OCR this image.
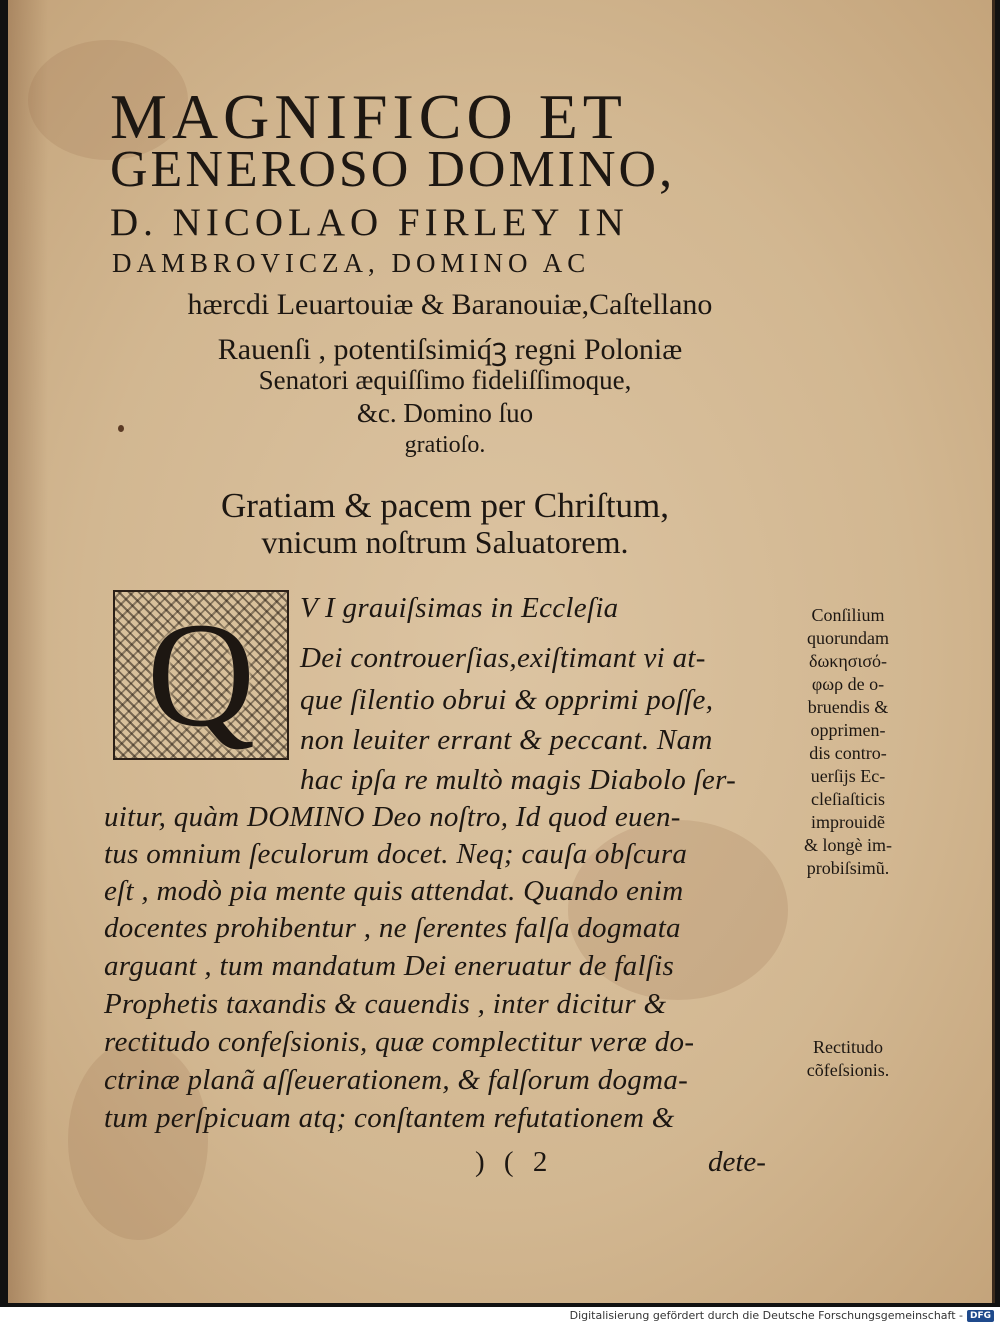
MAGNIFICO ET
GENEROSO DOMINO,
D. NICOLAO FIRLEY IN
DAMBROVICZA, DOMINO AC
hærcdi Leuartouiæ & Baranouiæ,Caſtellano
Rauenſi , potentiſsimiq́ꝫ regni Poloniæ
Senatori æquiſſimo fideliſſimoque,
&c. Domino ſuo
gratioſo.
Gratiam & pacem per Chriſtum,
vnicum noſtrum Saluatorem.
Q V I grauiſsimas in Eccleſia
Dei controuerſias,exiſtimant vi at-
que ſilentio obrui & opprimi poſſe,
non leuiter errant & peccant. Nam
hac ipſa re multò magis Diabolo ſer-
uitur, quàm DOMINO Deo noſtro, Id quod euen-
tus omnium ſeculorum docet. Neq; cauſa obſcura
eſt , modò pia mente quis attendat. Quando enim
docentes prohibentur , ne ſerentes falſa dogmata
arguant , tum mandatum Dei eneruatur de falſis
Prophetis taxandis & cauendis , inter dicitur &
rectitudo confeſsionis, quæ complectitur veræ do-
ctrinæ planã aſſeuerationem, & falſorum dogma-
tum perſpicuam atq; conſtantem refutationem &
Conſilium
quorundam
δωκησισό-
φωρ de o-
bruendis &
opprimen-
dis contro-
uerſijs Ec-
cleſiaſticis
improuidẽ
& longè im-
probiſsimũ.
Rectitudo
cõfeſsionis.
) ( 2	dete-
Digitalisierung gefördert durch die Deutsche Forschungsgemeinschaft - DFG
